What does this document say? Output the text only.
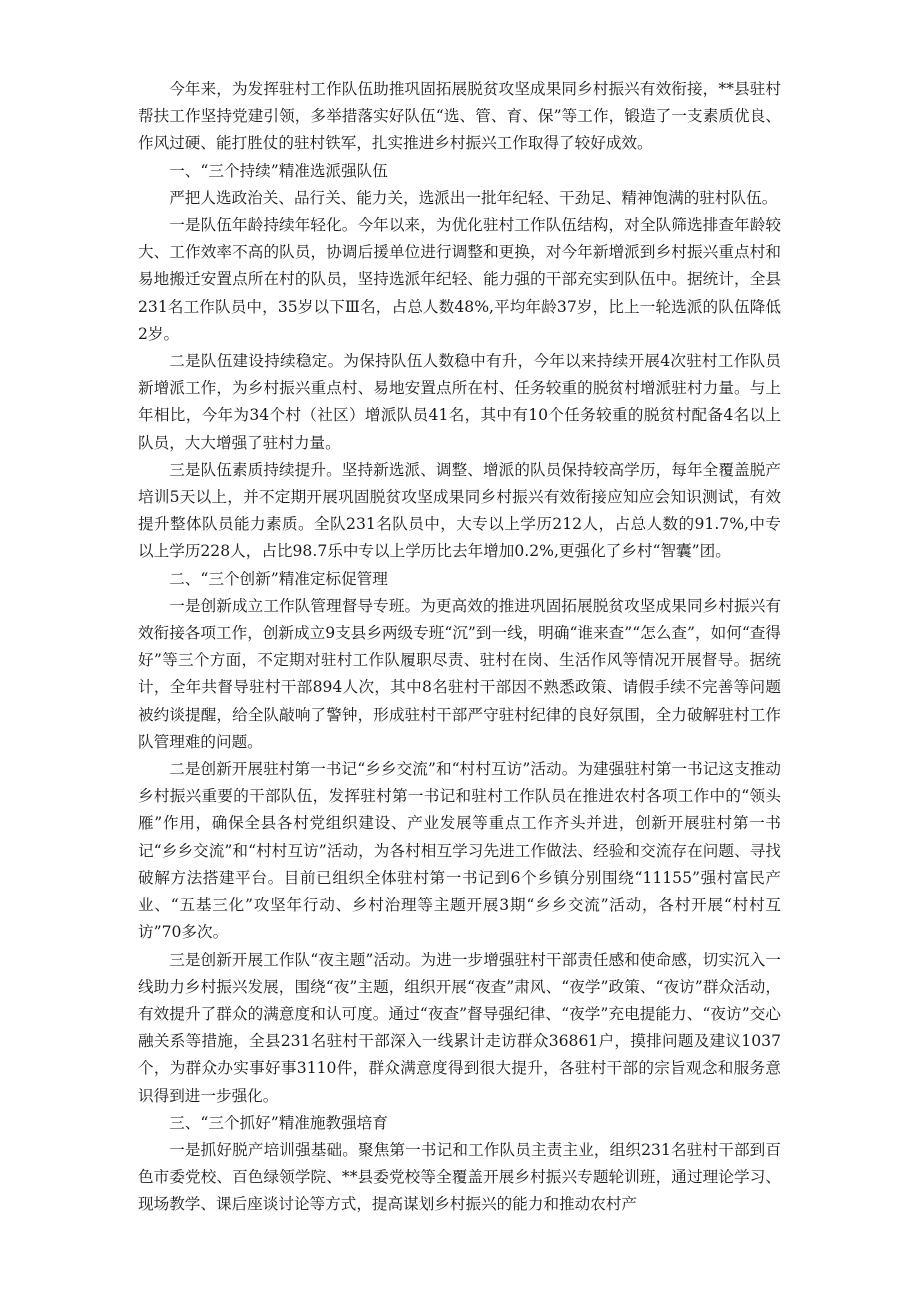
今年来，为发挥驻村工作队伍助推巩固拓展脱贫攻坚成果同乡村振兴有效衔接，**县驻村帮扶工作坚持党建引领，多举措落实好队伍“选、管、育、保”等工作，锻造了一支素质优良、作风过硬、能打胜仗的驻村铁军，扎实推进乡村振兴工作取得了较好成效。

一、“三个持续”精准选派强队伍

严把人选政治关、品行关、能力关，选派出一批年纪轻、干劲足、精神饱满的驻村队伍。

一是队伍年龄持续年轻化。今年以来，为优化驻村工作队伍结构，对全队筛选排查年龄较大、工作效率不高的队员，协调后援单位进行调整和更换，对今年新增派到乡村振兴重点村和易地搬迁安置点所在村的队员，坚持选派年纪轻、能力强的干部充实到队伍中。据统计，全县231名工作队员中，35岁以下Ⅲ名，占总人数48%,平均年龄37岁，比上一轮选派的队伍降低2岁。

二是队伍建设持续稳定。为保持队伍人数稳中有升，今年以来持续开展4次驻村工作队员新增派工作，为乡村振兴重点村、易地安置点所在村、任务较重的脱贫村增派驻村力量。与上年相比，今年为34个村（社区）增派队员41名，其中有10个任务较重的脱贫村配备4名以上队员，大大增强了驻村力量。

三是队伍素质持续提升。坚持新选派、调整、增派的队员保持较高学历，每年全覆盖脱产培训5天以上，并不定期开展巩固脱贫攻坚成果同乡村振兴有效衔接应知应会知识测试，有效提升整体队员能力素质。全队231名队员中，大专以上学历212人，占总人数的91.7%,中专以上学历228人，占比98.7乐中专以上学历比去年增加0.2%,更强化了乡村“智囊”团。

二、“三个创新”精准定标促管理

一是创新成立工作队管理督导专班。为更高效的推进巩固拓展脱贫攻坚成果同乡村振兴有效衔接各项工作，创新成立9支县乡两级专班“沉”到一线，明确“谁来查”“怎么查”，如何“查得好”等三个方面，不定期对驻村工作队履职尽责、驻村在岗、生活作风等情况开展督导。据统计，全年共督导驻村干部894人次，其中8名驻村干部因不熟悉政策、请假手续不完善等问题被约谈提醒，给全队敲响了警钟，形成驻村干部严守驻村纪律的良好氛围，全力破解驻村工作队管理难的问题。

二是创新开展驻村第一书记“乡乡交流”和“村村互访”活动。为建强驻村第一书记这支推动乡村振兴重要的干部队伍，发挥驻村第一书记和驻村工作队员在推进农村各项工作中的“领头雁”作用，确保全县各村党组织建设、产业发展等重点工作齐头并进，创新开展驻村第一书记“乡乡交流”和“村村互访”活动，为各村相互学习先进工作做法、经验和交流存在问题、寻找破解方法搭建平台。目前已组织全体驻村第一书记到6个乡镇分别围绕“11155”强村富民产业、“五基三化”攻坚年行动、乡村治理等主题开展3期“乡乡交流”活动，各村开展“村村互访”70多次。

三是创新开展工作队“夜主题”活动。为进一步增强驻村干部责任感和使命感，切实沉入一线助力乡村振兴发展，围绕“夜”主题，组织开展“夜查”肃风、“夜学”政策、“夜访”群众活动，有效提升了群众的满意度和认可度。通过“夜查”督导强纪律、“夜学”充电提能力、“夜访”交心融关系等措施，全县231名驻村干部深入一线累计走访群众36861户，摸排问题及建议1037个，为群众办实事好事3110件，群众满意度得到很大提升，各驻村干部的宗旨观念和服务意识得到进一步强化。

三、“三个抓好”精准施教强培育

一是抓好脱产培训强基础。聚焦第一书记和工作队员主责主业，组织231名驻村干部到百色市委党校、百色绿领学院、**县委党校等全覆盖开展乡村振兴专题轮训班，通过理论学习、现场教学、课后座谈讨论等方式，提高谋划乡村振兴的能力和推动农村产
